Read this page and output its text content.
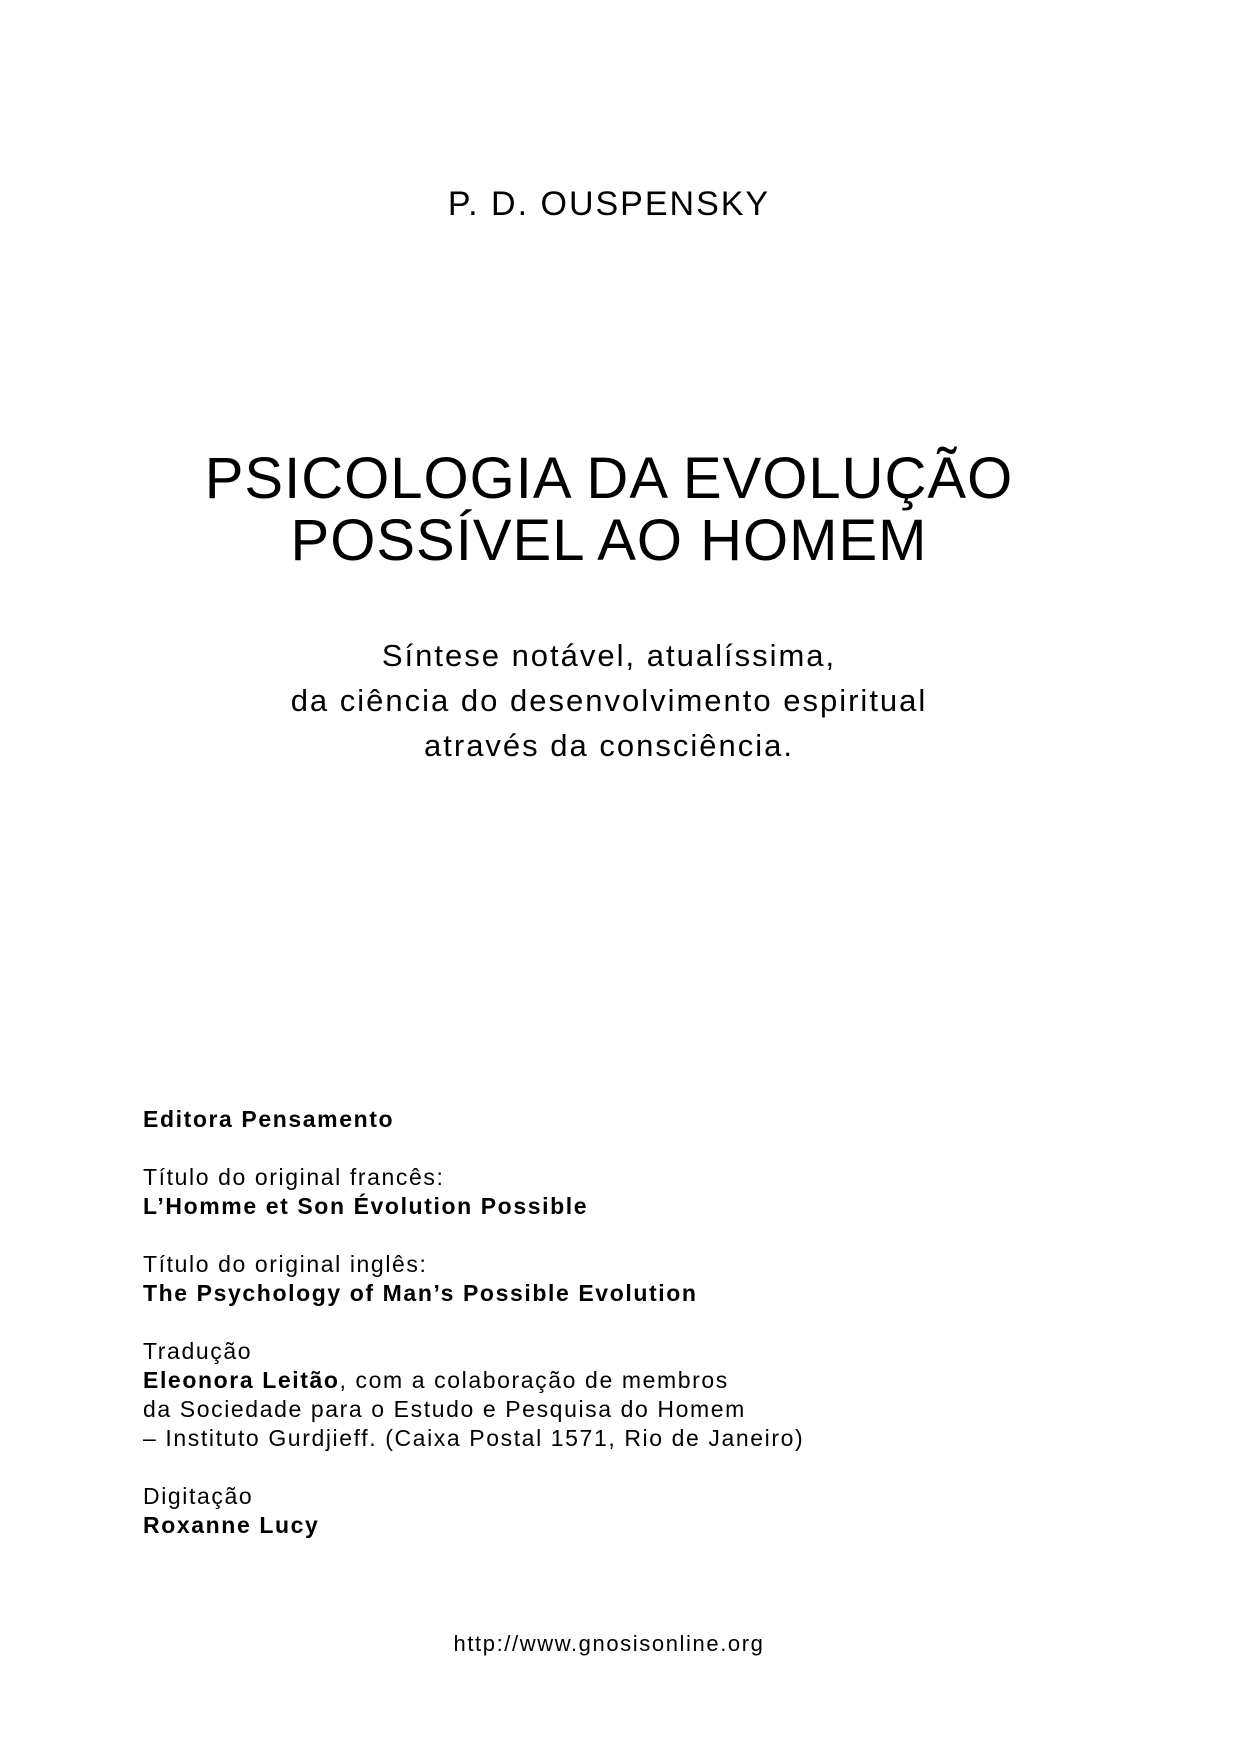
P. D. OUSPENSKY
PSICOLOGIA DA EVOLUÇÃO
POSSÍVEL AO HOMEM
Síntese notável, atualíssima,
da ciência do desenvolvimento espiritual
através da consciência.

Editora Pensamento

Título do original francês:
L’Homme et Son Évolution Possible

Título do original inglês:
The Psychology of Man’s Possible Evolution

Tradução
Eleonora Leitão, com a colaboração de membros
da Sociedade para o Estudo e Pesquisa do Homem
– Instituto Gurdjieff. (Caixa Postal 1571, Rio de Janeiro)

Digitação
Roxanne Lucy

http://www.gnosisonline.org
